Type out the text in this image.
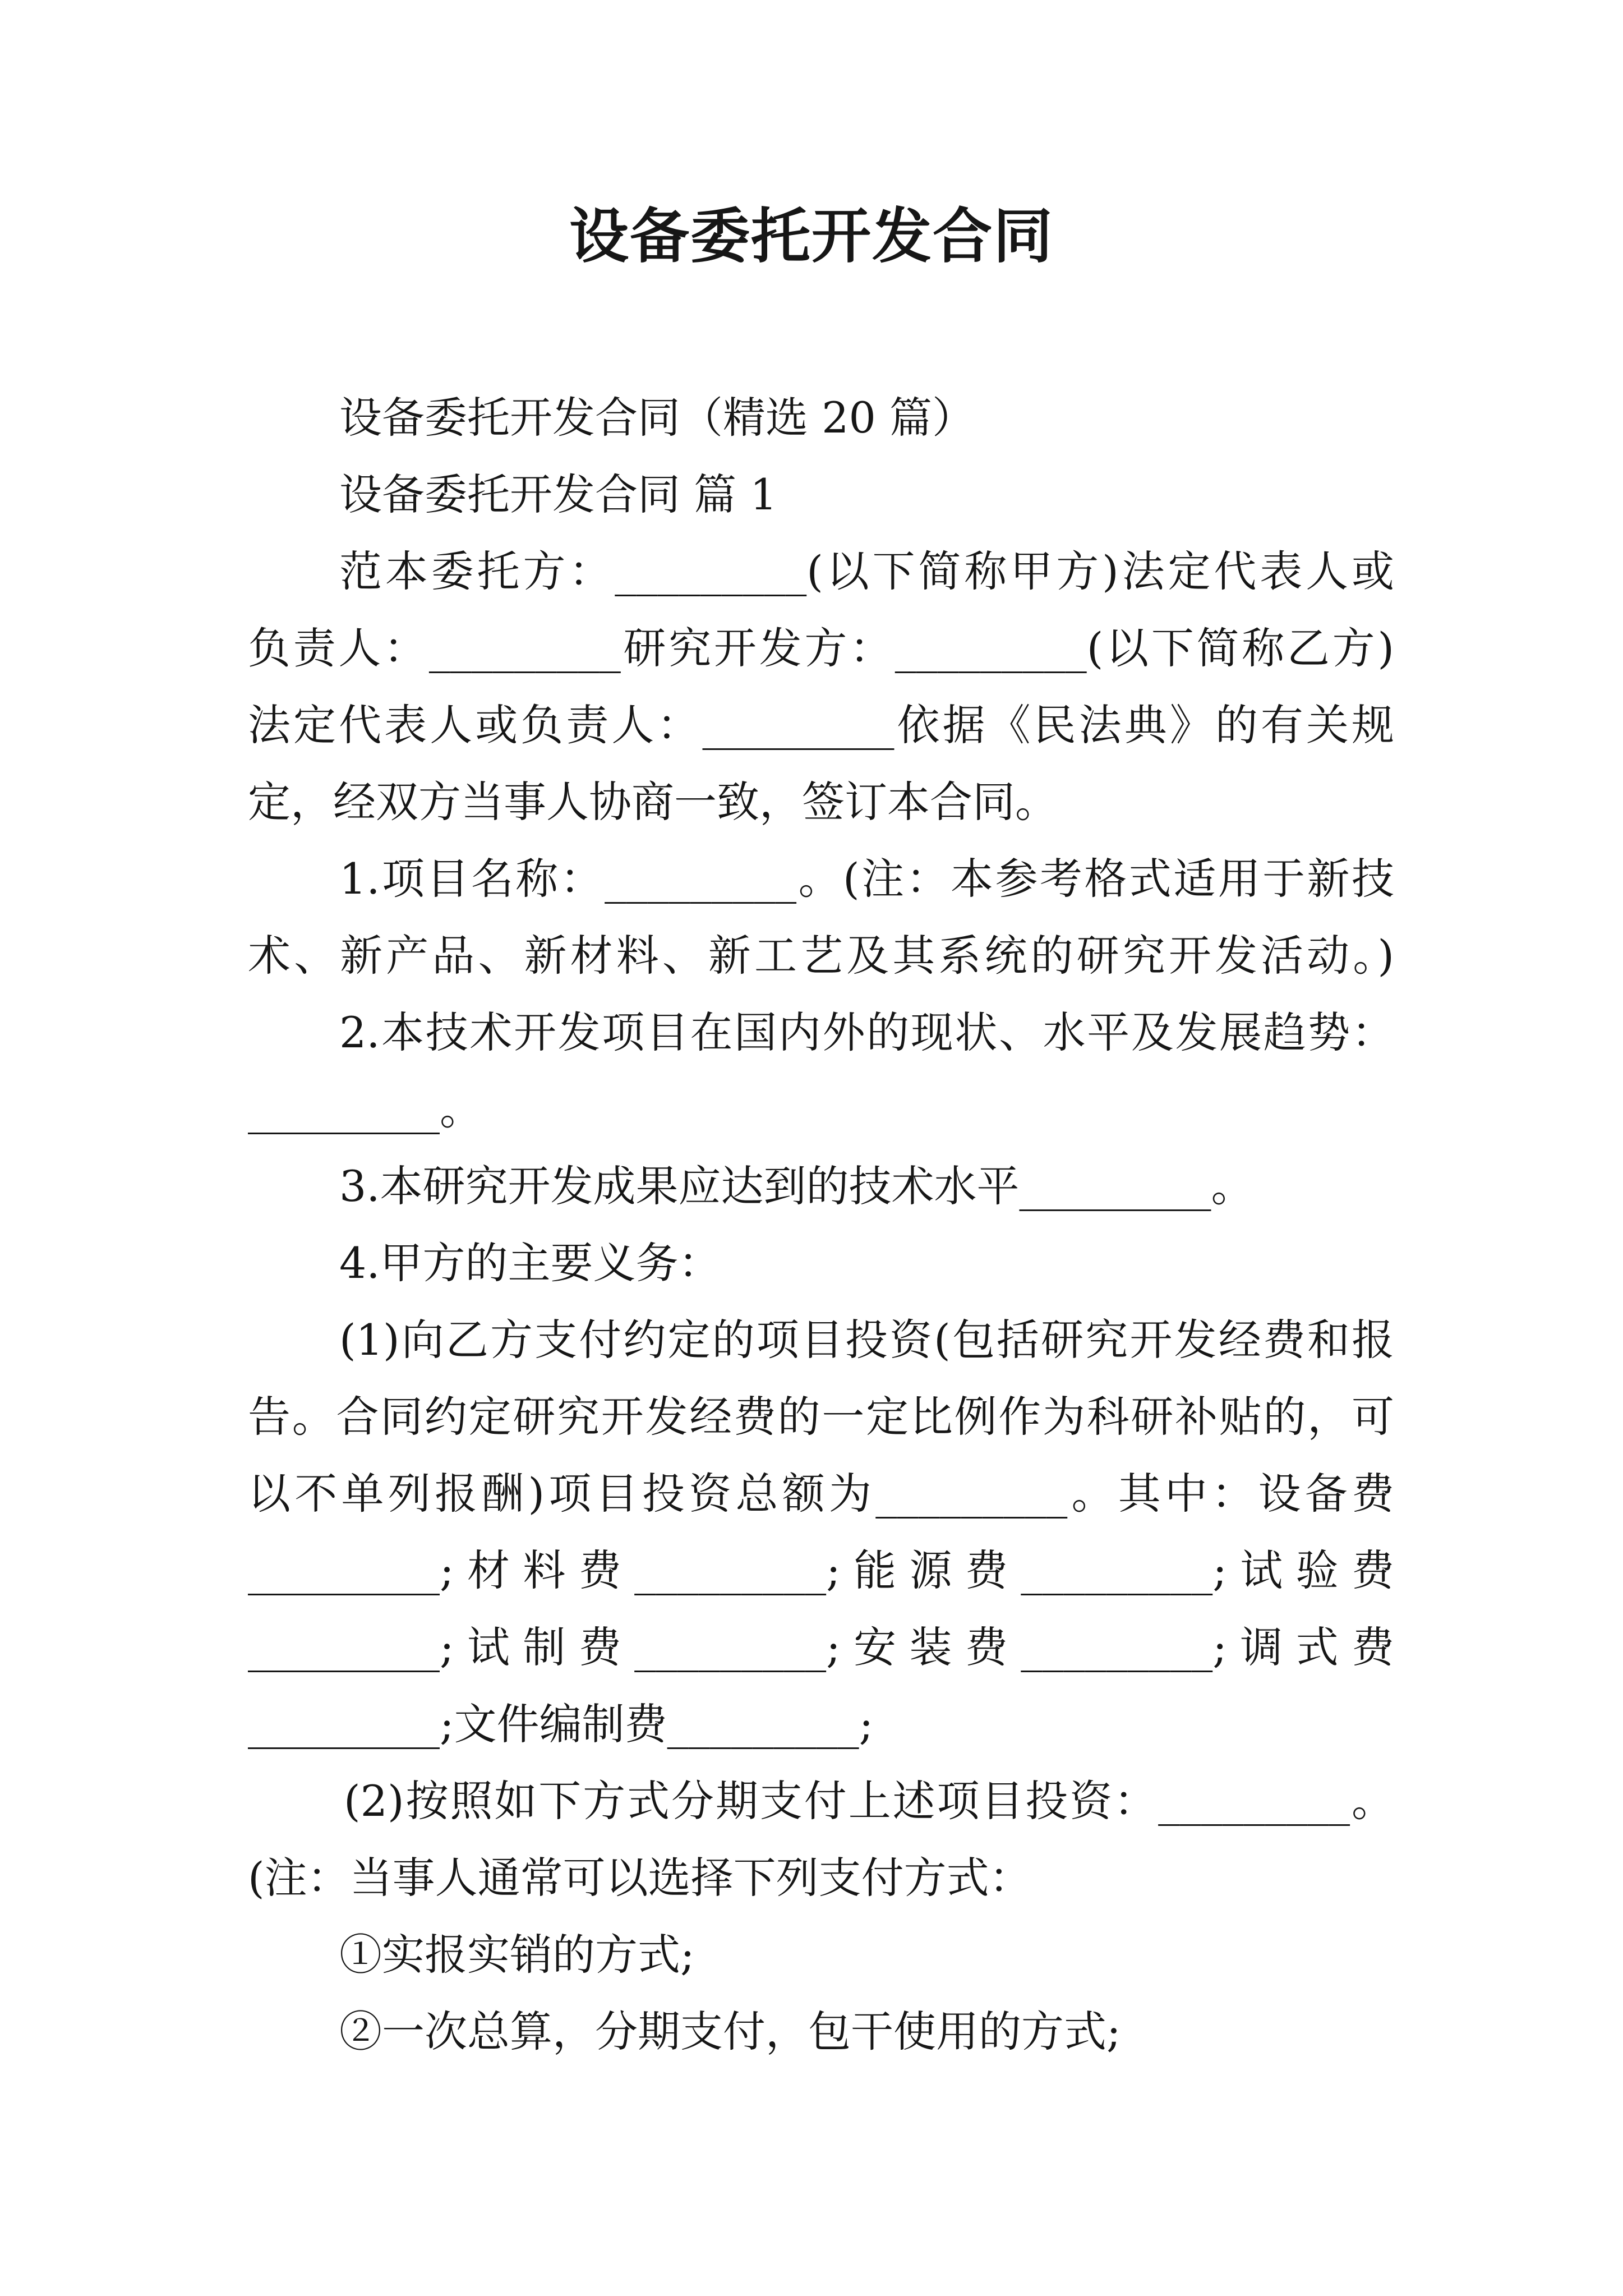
设备委托开发合同
设备委托开发合同（精选 20 篇）
设备委托开发合同 篇 1
范本委托方：_________(以下简称甲方)法定代表人或
负责人：_________研究开发方：_________(以下简称乙方)
法定代表人或负责人：_________依据《民法典》的有关规
定，经双方当事人协商一致，签订本合同。
1.项目名称：_________。(注：本参考格式适用于新技
术、新产品、新材料、新工艺及其系统的研究开发活动。)
2.本技术开发项目在国内外的现状、水平及发展趋势：
_________。
3.本研究开发成果应达到的技术水平_________。
4.甲方的主要义务：
(1)向乙方支付约定的项目投资(包括研究开发经费和报
告。合同约定研究开发经费的一定比例作为科研补贴的，可
以不单列报酬)项目投资总额为_________。其中：设备费
_________;材料费_________;能源费_________;试验费
_________;试制费_________;安装费_________;调式费
_________;文件编制费_________;
(2)按照如下方式分期支付上述项目投资：_________。
(注：当事人通常可以选择下列支付方式：
①实报实销的方式;
②一次总算，分期支付，包干使用的方式;
